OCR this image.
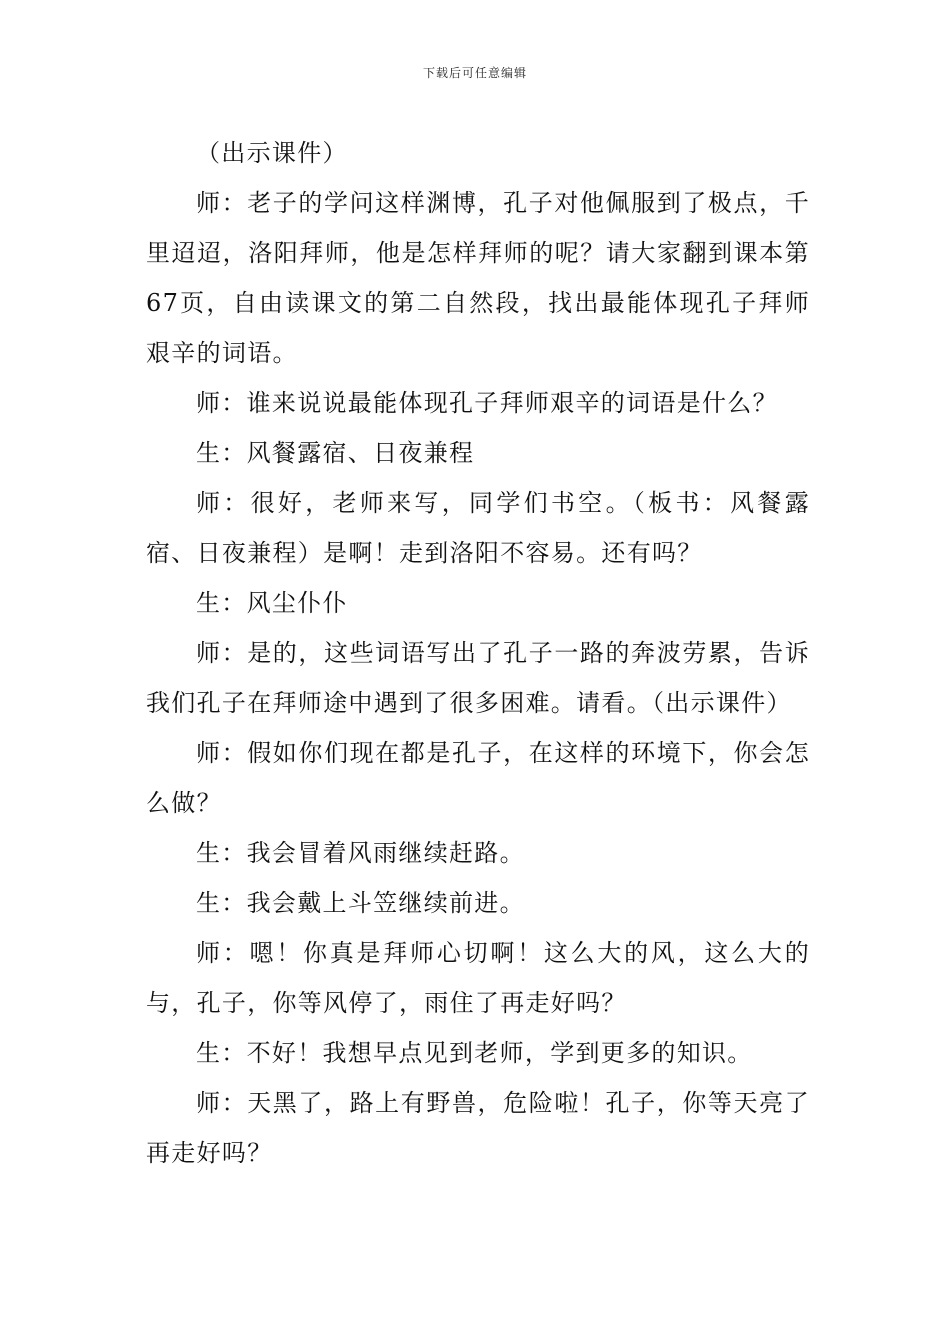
下载后可任意编辑

（出示课件）

师：老子的学问这样渊博，孔子对他佩服到了极点，千里迢迢，洛阳拜师，他是怎样拜师的呢？请大家翻到课本第67页，自由读课文的第二自然段，找出最能体现孔子拜师艰辛的词语。

师：谁来说说最能体现孔子拜师艰辛的词语是什么？

生：风餐露宿、日夜兼程

师：很好，老师来写，同学们书空。（板书：风餐露宿、日夜兼程）是啊！走到洛阳不容易。还有吗？

生：风尘仆仆

师：是的，这些词语写出了孔子一路的奔波劳累，告诉我们孔子在拜师途中遇到了很多困难。请看。（出示课件）

师：假如你们现在都是孔子，在这样的环境下，你会怎么做？

生：我会冒着风雨继续赶路。

生：我会戴上斗笠继续前进。

师：嗯！你真是拜师心切啊！这么大的风，这么大的与，孔子，你等风停了，雨住了再走好吗？

生：不好！我想早点见到老师，学到更多的知识。

师：天黑了，路上有野兽，危险啦！孔子，你等天亮了再走好吗？
